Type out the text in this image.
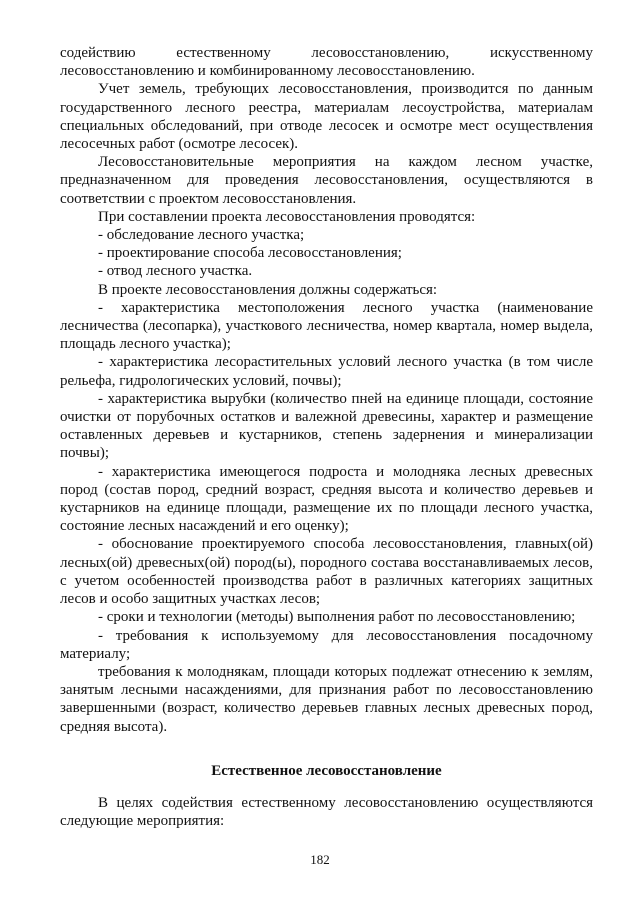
содействию естественному лесовосстановлению, искусственному лесовосстановлению и комбинированному лесовосстановлению.

Учет земель, требующих лесовосстановления, производится по данным государственного лесного реестра, материалам лесоустройства, материалам специальных обследований, при отводе лесосек и осмотре мест осуществления лесосечных работ (осмотре лесосек).

Лесовосстановительные мероприятия на каждом лесном участке, предназначенном для проведения лесовосстановления, осуществляются в соответствии с проектом лесовосстановления.

При составлении проекта лесовосстановления проводятся:

- обследование лесного участка;

- проектирование способа лесовосстановления;

- отвод лесного участка.

В проекте лесовосстановления должны содержаться:

- характеристика местоположения лесного участка (наименование лесничества (лесопарка), участкового лесничества, номер квартала, номер выдела, площадь лесного участка);

- характеристика лесорастительных условий лесного участка (в том числе рельефа, гидрологических условий, почвы);

- характеристика вырубки (количество пней на единице площади, состояние очистки от порубочных остатков и валежной древесины, характер и размещение оставленных деревьев и кустарников, степень задернения и минерализации почвы);

- характеристика имеющегося подроста и молодняка лесных древесных пород (состав пород, средний возраст, средняя высота и количество деревьев и кустарников на единице площади, размещение их по площади лесного участка, состояние лесных насаждений и его оценку);

- обоснование проектируемого способа лесовосстановления, главных(ой) лесных(ой) древесных(ой) пород(ы), породного состава восстанавливаемых лесов, с учетом особенностей производства работ в различных категориях защитных лесов и особо защитных участках лесов;

- сроки и технологии (методы) выполнения работ по лесовосстановлению;

- требования к используемому для лесовосстановления посадочному материалу;

требования к молоднякам, площади которых подлежат отнесению к землям, занятым лесными насаждениями, для признания работ по лесовосстановлению завершенными (возраст, количество деревьев главных лесных древесных пород, средняя высота).

Естественное лесовосстановление

В целях содействия естественному лесовосстановлению осуществляются следующие мероприятия:

182
